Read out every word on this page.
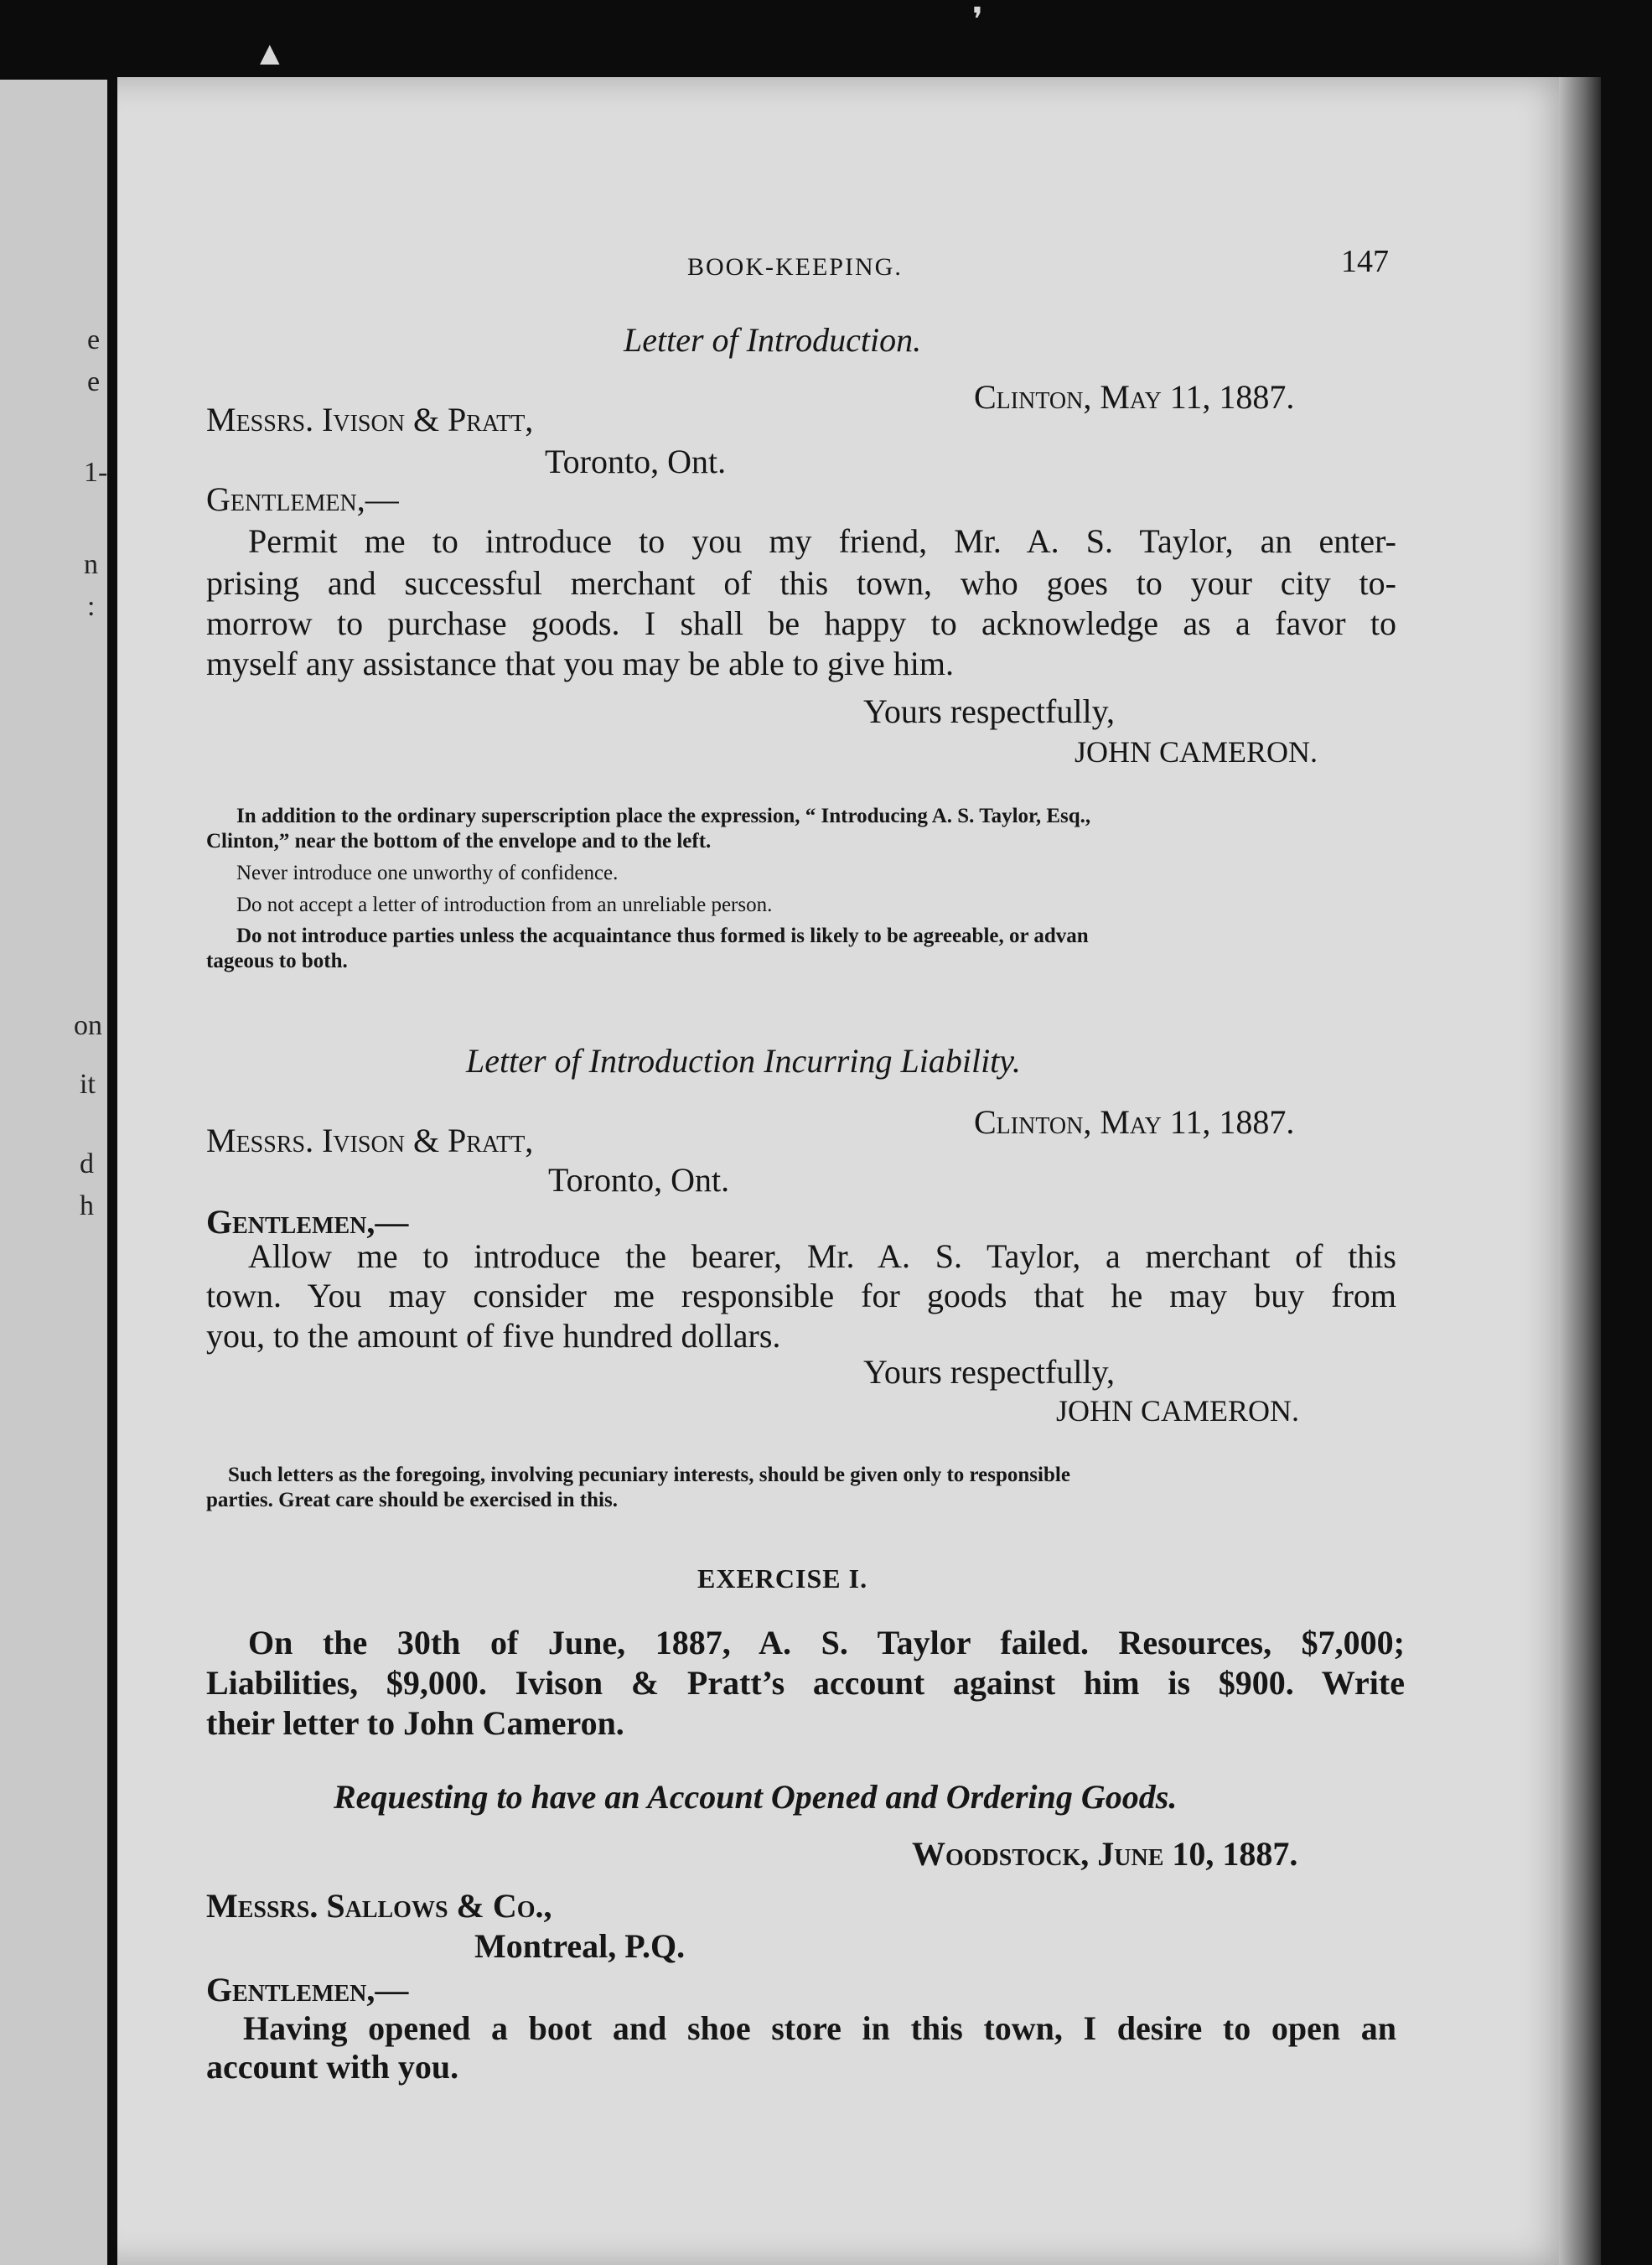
e
e
1-
n
:
on
it
d
h
▲
❜
BOOK-KEEPING.	147
Letter of Introduction.
Clinton, May 11, 1887.
Messrs. Ivison & Pratt,
Toronto, Ont.
Gentlemen,—
Permit me to introduce to you my friend, Mr. A. S. Taylor, an enter-
prising and successful merchant of this town, who goes to your city to-
morrow to purchase goods. I shall be happy to acknowledge as a favor to
myself any assistance that you may be able to give him.
Yours respectfully,
JOHN CAMERON.
In addition to the ordinary superscription place the expression, “ Introducing A. S. Taylor, Esq.,
Clinton,” near the bottom of the envelope and to the left.
Never introduce one unworthy of confidence.
Do not accept a letter of introduction from an unreliable person.
Do not introduce parties unless the acquaintance thus formed is likely to be agreeable, or advan
tageous to both.
Letter of Introduction Incurring Liability.
Clinton, May 11, 1887.
Messrs. Ivison & Pratt,
Toronto, Ont.
Gentlemen,—
Allow me to introduce the bearer, Mr. A. S. Taylor, a merchant of this
town. You may consider me responsible for goods that he may buy from
you, to the amount of five hundred dollars.
Yours respectfully,
JOHN CAMERON.
Such letters as the foregoing, involving pecuniary interests, should be given only to responsible
parties. Great care should be exercised in this.
EXERCISE I.
On the 30th of June, 1887, A. S. Taylor failed. Resources, $7,000;
Liabilities, $9,000. Ivison & Pratt’s account against him is $900. Write
their letter to John Cameron.
Requesting to have an Account Opened and Ordering Goods.
Woodstock, June 10, 1887.
Messrs. Sallows & Co.,
Montreal, P.Q.
Gentlemen,—
Having opened a boot and shoe store in this town, I desire to open an
account with you.
